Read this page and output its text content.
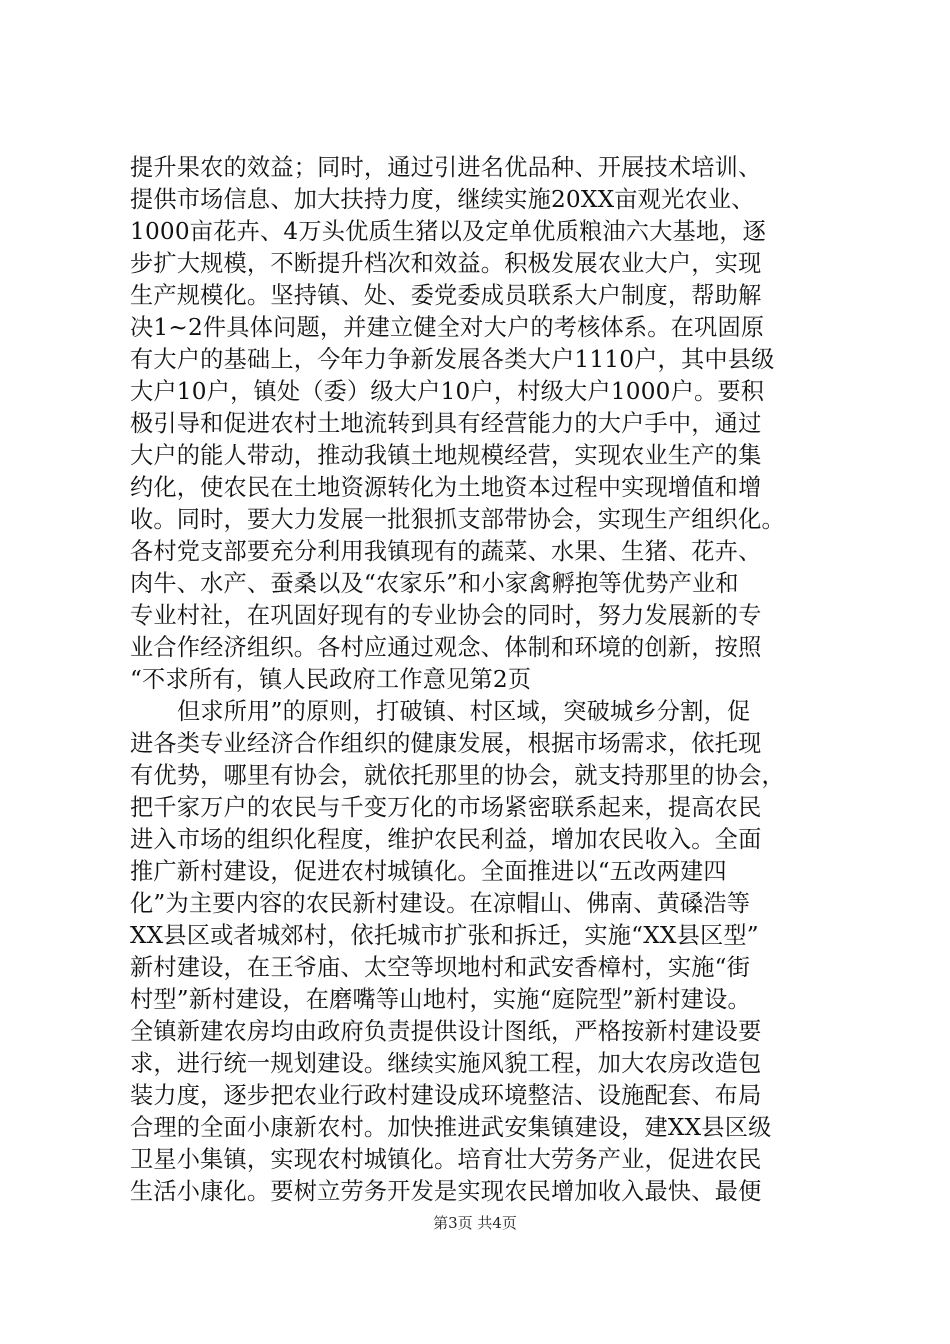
提升果农的效益；同时，通过引进名优品种、开展技术培训、
提供市场信息、加大扶持力度，继续实施20XX亩观光农业、
1000亩花卉、4万头优质生猪以及定单优质粮油六大基地，逐
步扩大规模，不断提升档次和效益。积极发展农业大户，实现
生产规模化。坚持镇、处、委党委成员联系大户制度，帮助解
决1~2件具体问题，并建立健全对大户的考核体系。在巩固原
有大户的基础上，今年力争新发展各类大户1110户，其中县级
大户10户，镇处（委）级大户10户，村级大户1000户。要积
极引导和促进农村土地流转到具有经营能力的大户手中，通过
大户的能人带动，推动我镇土地规模经营，实现农业生产的集
约化，使农民在土地资源转化为土地资本过程中实现增值和增
收。同时，要大力发展一批狠抓支部带协会，实现生产组织化。
各村党支部要充分利用我镇现有的蔬菜、水果、生猪、花卉、
肉牛、水产、蚕桑以及“农家乐”和小家禽孵抱等优势产业和
专业村社，在巩固好现有的专业协会的同时，努力发展新的专
业合作经济组织。各村应通过观念、体制和环境的创新，按照
“不求所有，镇人民政府工作意见第2页
但求所用”的原则，打破镇、村区域，突破城乡分割，促
进各类专业经济合作组织的健康发展，根据市场需求，依托现
有优势，哪里有协会，就依托那里的协会，就支持那里的协会，
把千家万户的农民与千变万化的市场紧密联系起来，提高农民
进入市场的组织化程度，维护农民利益，增加农民收入。全面
推广新村建设，促进农村城镇化。全面推进以“五改两建四
化”为主要内容的农民新村建设。在凉帽山、佛南、黄磉浩等
XX县区或者城郊村，依托城市扩张和拆迁，实施“XX县区型”
新村建设，在王爷庙、太空等坝地村和武安香樟村，实施“街
村型”新村建设，在磨嘴等山地村，实施“庭院型”新村建设。
全镇新建农房均由政府负责提供设计图纸，严格按新村建设要
求，进行统一规划建设。继续实施风貌工程，加大农房改造包
装力度，逐步把农业行政村建设成环境整洁、设施配套、布局
合理的全面小康新农村。加快推进武安集镇建设，建XX县区级
卫星小集镇，实现农村城镇化。培育壮大劳务产业，促进农民
生活小康化。要树立劳务开发是实现农民增加收入最快、最便
第3页 共4页
